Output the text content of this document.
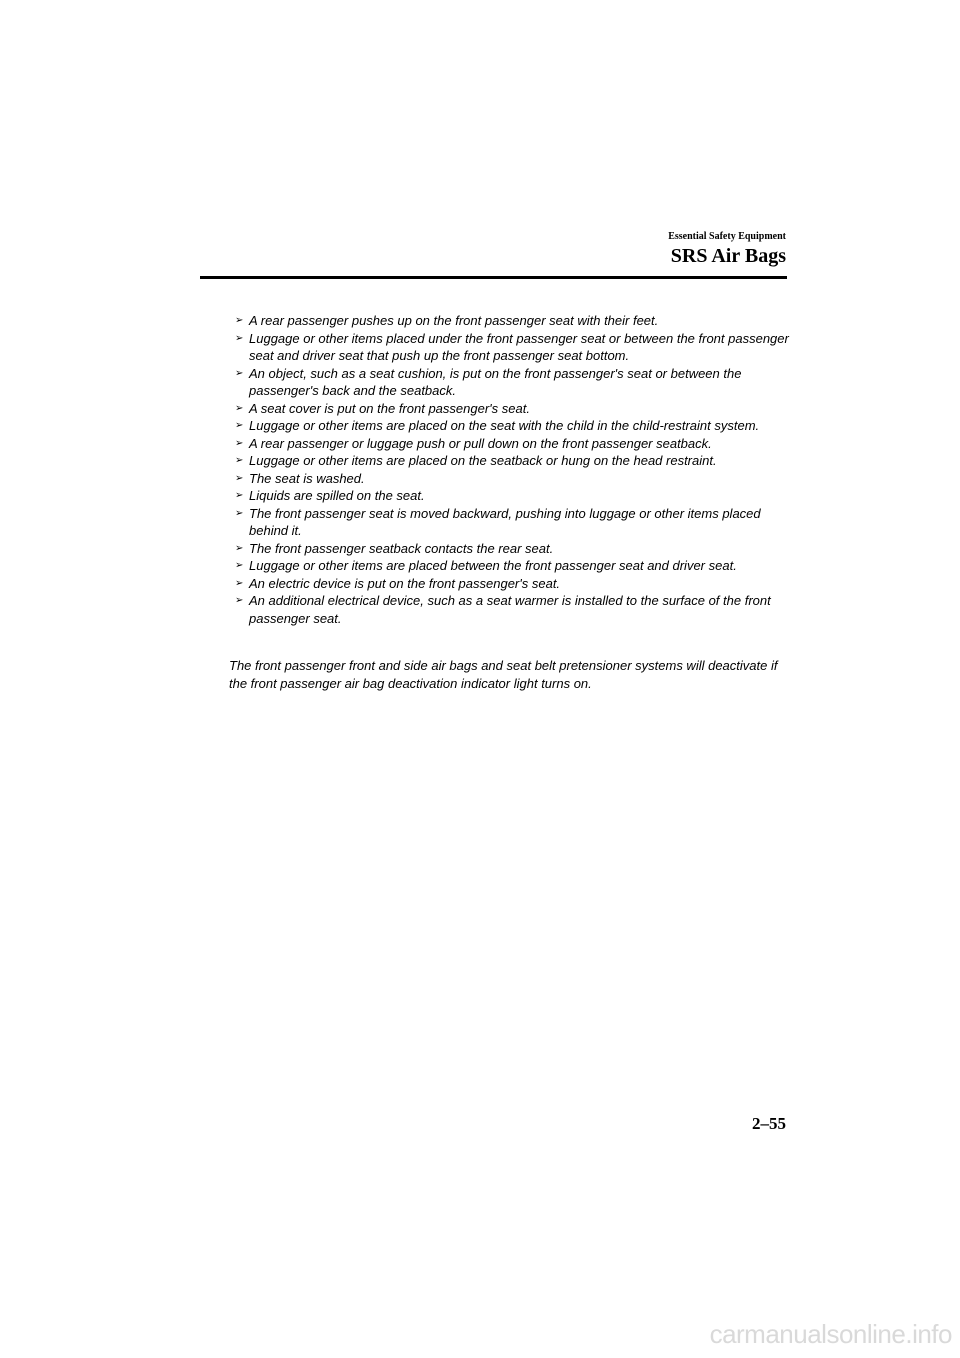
Essential Safety Equipment
SRS Air Bags
➢ A rear passenger pushes up on the front passenger seat with their feet.
➢ Luggage or other items placed under the front passenger seat or between the front passenger seat and driver seat that push up the front passenger seat bottom.
➢ An object, such as a seat cushion, is put on the front passenger's seat or between the passenger's back and the seatback.
➢ A seat cover is put on the front passenger's seat.
➢ Luggage or other items are placed on the seat with the child in the child-restraint system.
➢ A rear passenger or luggage push or pull down on the front passenger seatback.
➢ Luggage or other items are placed on the seatback or hung on the head restraint.
➢ The seat is washed.
➢ Liquids are spilled on the seat.
➢ The front passenger seat is moved backward, pushing into luggage or other items placed behind it.
➢ The front passenger seatback contacts the rear seat.
➢ Luggage or other items are placed between the front passenger seat and driver seat.
➢ An electric device is put on the front passenger's seat.
➢ An additional electrical device, such as a seat warmer is installed to the surface of the front passenger seat.

The front passenger front and side air bags and seat belt pretensioner systems will deactivate if the front passenger air bag deactivation indicator light turns on.

2–55
carmanualsonline.info
